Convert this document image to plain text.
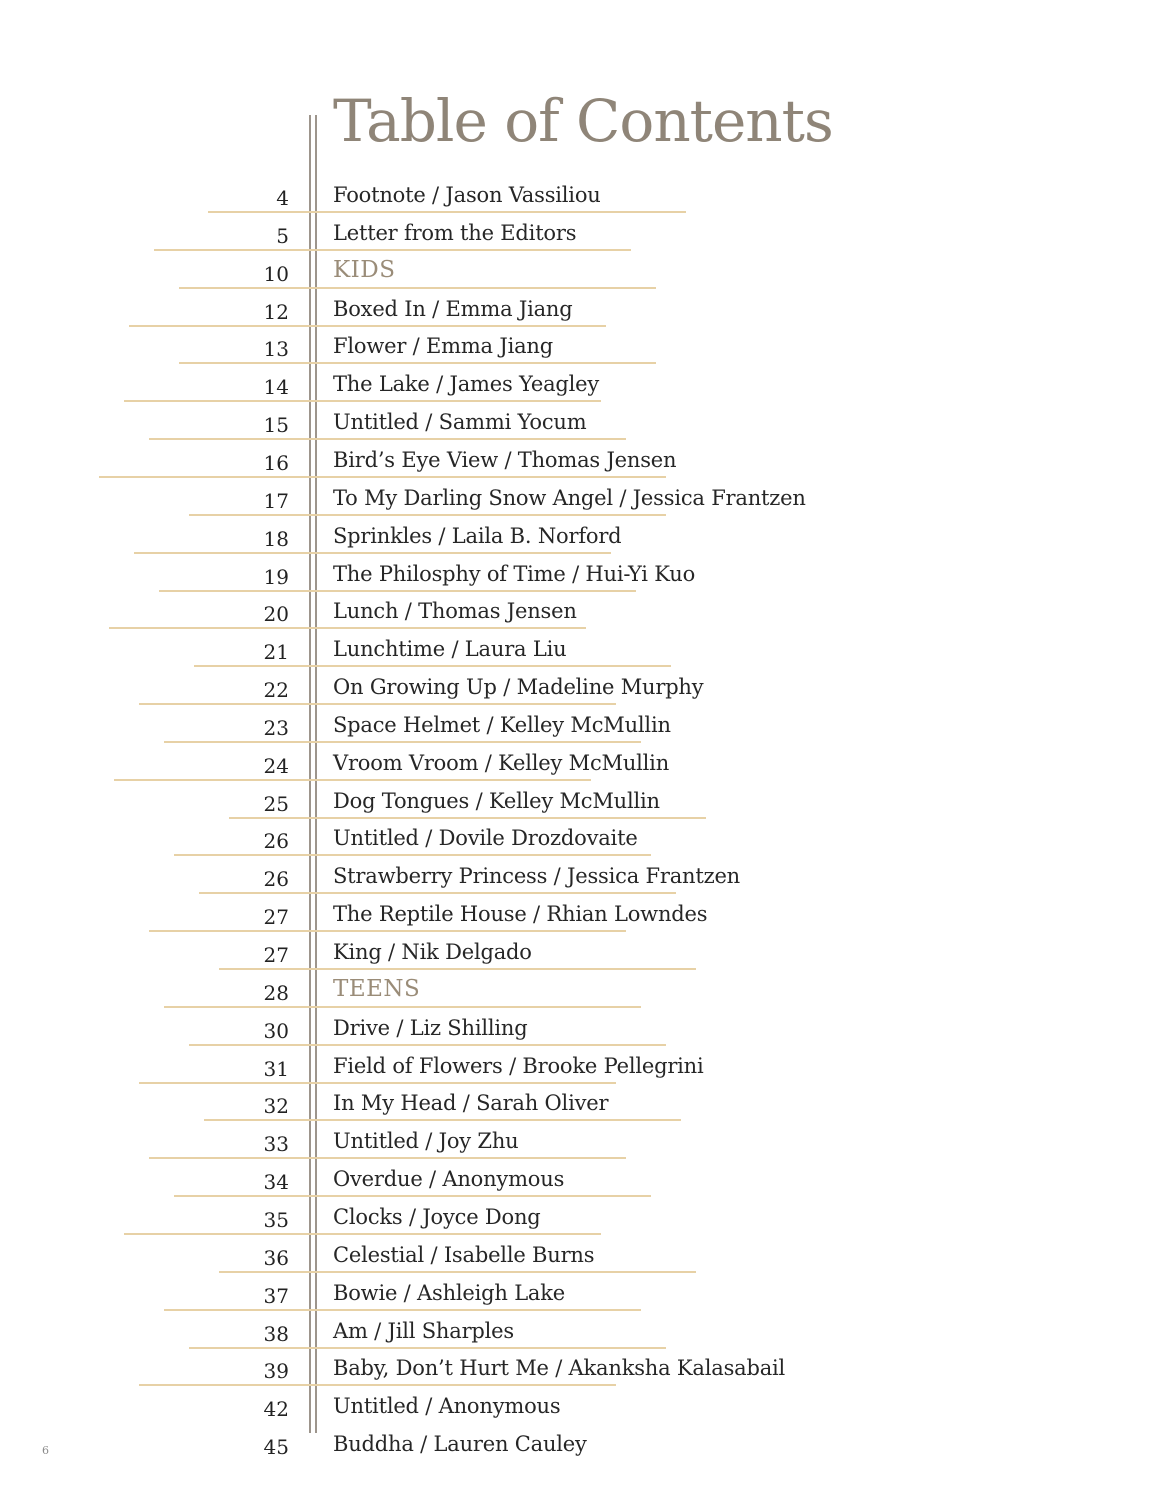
Table of Contents
4 Footnote / Jason Vassiliou
5 Letter from the Editors
10 KIDS
12 Boxed In / Emma Jiang
13 Flower / Emma Jiang
14 The Lake / James Yeagley
15 Untitled / Sammi Yocum
16 Bird’s Eye View / Thomas Jensen
17 To My Darling Snow Angel / Jessica Frantzen
18 Sprinkles / Laila B. Norford
19 The Philosphy of Time / Hui-Yi Kuo
20 Lunch / Thomas Jensen
21 Lunchtime / Laura Liu
22 On Growing Up / Madeline Murphy
23 Space Helmet / Kelley McMullin
24 Vroom Vroom / Kelley McMullin
25 Dog Tongues / Kelley McMullin
26 Untitled / Dovile Drozdovaite
26 Strawberry Princess / Jessica Frantzen
27 The Reptile House / Rhian Lowndes
27 King / Nik Delgado
28 TEENS
30 Drive / Liz Shilling
31 Field of Flowers / Brooke Pellegrini
32 In My Head / Sarah Oliver
33 Untitled / Joy Zhu
34 Overdue / Anonymous
35 Clocks / Joyce Dong
36 Celestial / Isabelle Burns
37 Bowie / Ashleigh Lake
38 Am / Jill Sharples
39 Baby, Don’t Hurt Me / Akanksha Kalasabail
42 Untitled / Anonymous
45 Buddha / Lauren Cauley
6
